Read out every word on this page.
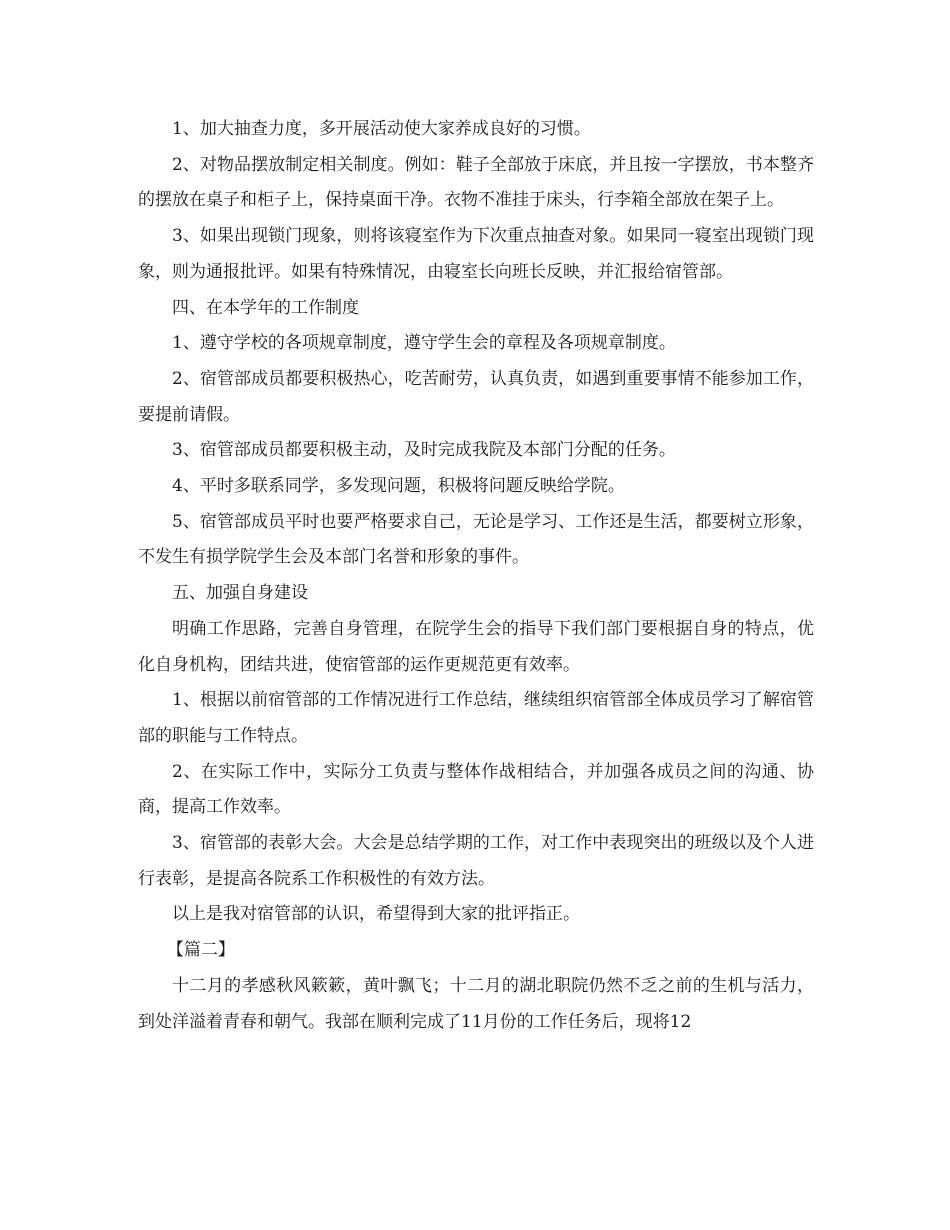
1、加大抽查力度，多开展活动使大家养成良好的习惯。

2、对物品摆放制定相关制度。例如：鞋子全部放于床底，并且按一字摆放，书本整齐的摆放在桌子和柜子上，保持桌面干净。衣物不准挂于床头，行李箱全部放在架子上。

3、如果出现锁门现象，则将该寝室作为下次重点抽查对象。如果同一寝室出现锁门现象，则为通报批评。如果有特殊情况，由寝室长向班长反映，并汇报给宿管部。

四、在本学年的工作制度

1、遵守学校的各项规章制度，遵守学生会的章程及各项规章制度。

2、宿管部成员都要积极热心，吃苦耐劳，认真负责，如遇到重要事情不能参加工作，要提前请假。

3、宿管部成员都要积极主动，及时完成我院及本部门分配的任务。

4、平时多联系同学，多发现问题，积极将问题反映给学院。

5、宿管部成员平时也要严格要求自己，无论是学习、工作还是生活，都要树立形象，不发生有损学院学生会及本部门名誉和形象的事件。

五、加强自身建设

明确工作思路，完善自身管理，在院学生会的指导下我们部门要根据自身的特点，优化自身机构，团结共进，使宿管部的运作更规范更有效率。

1、根据以前宿管部的工作情况进行工作总结，继续组织宿管部全体成员学习了解宿管部的职能与工作特点。

2、在实际工作中，实际分工负责与整体作战相结合，并加强各成员之间的沟通、协商，提高工作效率。

3、宿管部的表彰大会。大会是总结学期的工作，对工作中表现突出的班级以及个人进行表彰，是提高各院系工作积极性的有效方法。

以上是我对宿管部的认识，希望得到大家的批评指正。

【篇二】

十二月的孝感秋风簌簌，黄叶飘飞；十二月的湖北职院仍然不乏之前的生机与活力，到处洋溢着青春和朝气。我部在顺利完成了11月份的工作任务后，现将12
